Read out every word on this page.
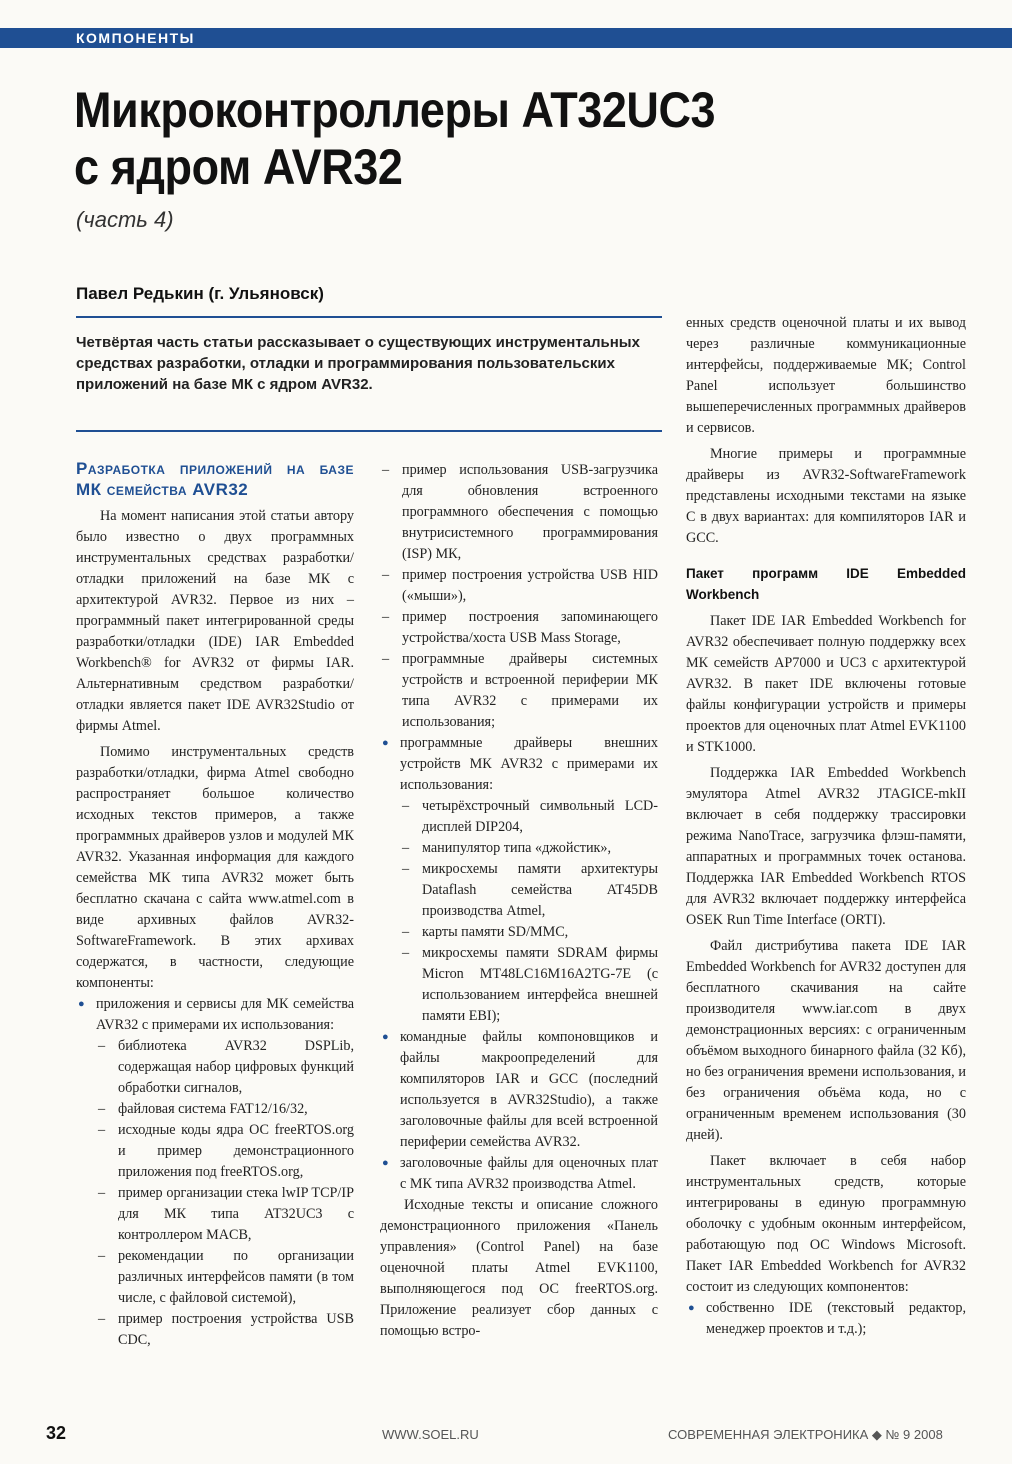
КОМПОНЕНТЫ
Микроконтроллеры AT32UC3
с ядром AVR32
(часть 4)
Павел Редькин (г. Ульяновск)
Четвёртая часть статьи рассказывает о существующих инструментальных средствах разработки, отладки и программирования пользовательских приложений на базе МК с ядром AVR32.
Разработка приложений на базе МК семейства AVR32

На момент написания этой статьи автору было известно о двух программных инструментальных средствах разработки/отладки приложений на базе МК с архитектурой AVR32. Первое из них – программный пакет интегрированной среды разработки/отладки (IDE) IAR Embedded Workbench® for AVR32 от фирмы IAR. Альтернативным средством разработки/отладки является пакет IDE AVR32Studio от фирмы Atmel.

Помимо инструментальных средств разработки/отладки, фирма Atmel свободно распространяет большое количество исходных текстов примеров, а также программных драйверов узлов и модулей МК AVR32. Указанная информация для каждого семейства МК типа AVR32 может быть бесплатно скачана с сайта www.atmel.com в виде архивных файлов AVR32-SoftwareFramework. В этих архивах содержатся, в частности, следующие компоненты:

● приложения и сервисы для МК семейства AVR32 с примерами их использования:
– библиотека AVR32 DSPLib, содержащая набор цифровых функций обработки сигналов,
– файловая система FAT12/16/32,
– исходные коды ядра ОС freeRTOS.org и пример демонстрационного приложения под freeRTOS.org,
– пример организации стека lwIP TCP/IP для МК типа AT32UC3 с контроллером MACB,
– рекомендации по организации различных интерфейсов памяти (в том числе, с файловой системой),
– пример построения устройства USB CDC,
– пример использования USB-загрузчика для обновления встроенного программного обеспечения с помощью внутрисистемного программирования (ISP) МК,
– пример построения устройства USB HID («мыши»),
– пример построения запоминающего устройства/хоста USB Mass Storage,
– программные драйверы системных устройств и встроенной периферии МК типа AVR32 с примерами их использования;
● программные драйверы внешних устройств МК AVR32 с примерами их использования:
– четырёхстрочный символьный LCD-дисплей DIP204,
– манипулятор типа «джойстик»,
– микросхемы памяти архитектуры Dataflash семейства AT45DB производства Atmel,
– карты памяти SD/MMC,
– микросхемы памяти SDRAM фирмы Micron MT48LC16M16A2TG-7E (с использованием интерфейса внешней памяти EBI);
● командные файлы компоновщиков и файлы макроопределений для компиляторов IAR и GCC (последний используется в AVR32Studio), а также заголовочные файлы для всей встроенной периферии семейства AVR32.
● заголовочные файлы для оценочных плат с МК типа AVR32 производства Atmel.

Исходные тексты и описание сложного демонстрационного приложения «Панель управления» (Control Panel) на базе оценочной платы Atmel EVK1100, выполняющегося под ОС freeRTOS.org. Приложение реализует сбор данных с помощью встро-

енных средств оценочной платы и их вывод через различные коммуникационные интерфейсы, поддерживаемые МК; Control Panel использует большинство вышеперечисленных программных драйверов и сервисов.

Многие примеры и программные драйверы из AVR32-SoftwareFramework представлены исходными текстами на языке C в двух вариантах: для компиляторов IAR и GCC.

Пакет программ IDE Embedded Workbench

Пакет IDE IAR Embedded Workbench for AVR32 обеспечивает полную поддержку всех МК семейств AP7000 и UC3 с архитектурой AVR32. В пакет IDE включены готовые файлы конфигурации устройств и примеры проектов для оценочных плат Atmel EVK1100 и STK1000.

Поддержка IAR Embedded Workbench эмулятора Atmel AVR32 JTAGICE-mkII включает в себя поддержку трассировки режима NanoTrace, загрузчика флэш-памяти, аппаратных и программных точек останова. Поддержка IAR Embedded Workbench RTOS для AVR32 включает поддержку интерфейса OSEK Run Time Interface (ORTI).

Файл дистрибутива пакета IDE IAR Embedded Workbench for AVR32 доступен для бесплатного скачивания на сайте производителя www.iar.com в двух демонстрационных версиях: с ограниченным объёмом выходного бинарного файла (32 Кб), но без ограничения времени использования, и без ограничения объёма кода, но с ограниченным временем использования (30 дней).

Пакет включает в себя набор инструментальных средств, которые интегрированы в единую программную оболочку с удобным оконным интерфейсом, работающую под ОС Windows Microsoft. Пакет IAR Embedded Workbench for AVR32 состоит из следующих компонентов:

● собственно IDE (текстовый редактор, менеджер проектов и т.д.);
32	WWW.SOEL.RU	СОВРЕМЕННАЯ ЭЛЕКТРОНИКА ◆ № 9 2008
